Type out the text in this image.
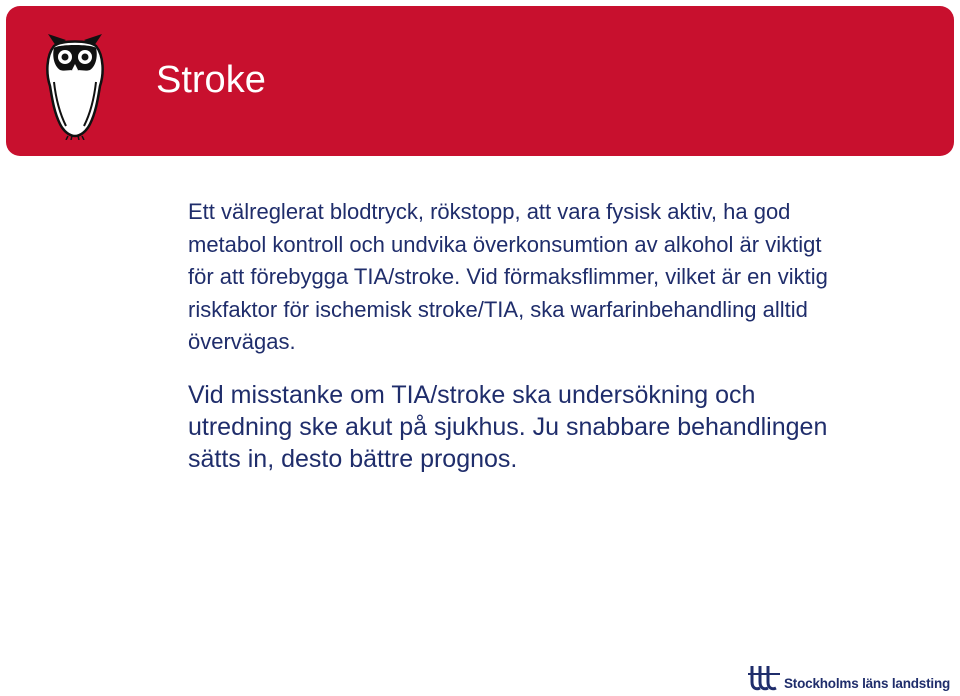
Stroke

Ett välreglerat blodtryck, rökstopp, att vara fysisk aktiv, ha god metabol kontroll och undvika överkonsumtion av alkohol är viktigt för att förebygga TIA/stroke. Vid förmaksflimmer, vilket är en viktig riskfaktor för ischemisk stroke/TIA, ska warfarinbehandling alltid övervägas.

Vid misstanke om TIA/stroke ska undersökning och utredning ske akut på sjukhus. Ju snabbare behandlingen sätts in, desto bättre prognos.

Stockholms läns landsting
